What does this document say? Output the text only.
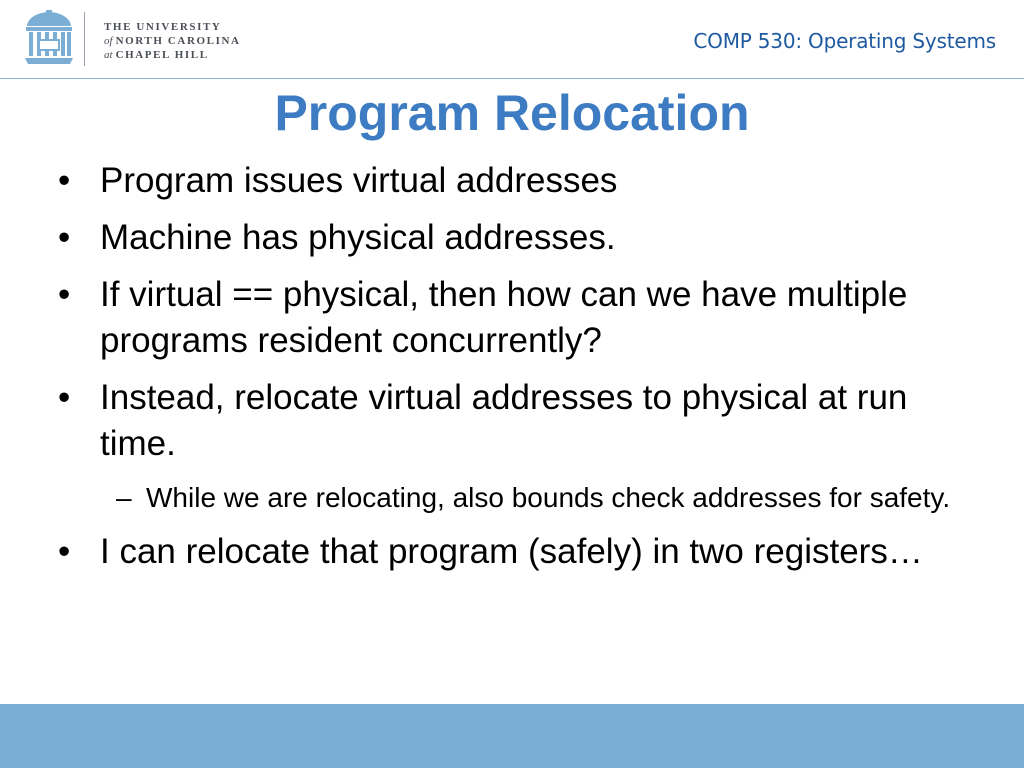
THE UNIVERSITY
of NORTH CAROLINA
at CHAPEL HILL
COMP 530: Operating Systems
Program Relocation
• Program issues virtual addresses
• Machine has physical addresses.
• If virtual == physical, then how can we have multiple programs resident concurrently?
• Instead, relocate virtual addresses to physical at run time.
– While we are relocating, also bounds check addresses for safety.
• I can relocate that program (safely) in two registers…
